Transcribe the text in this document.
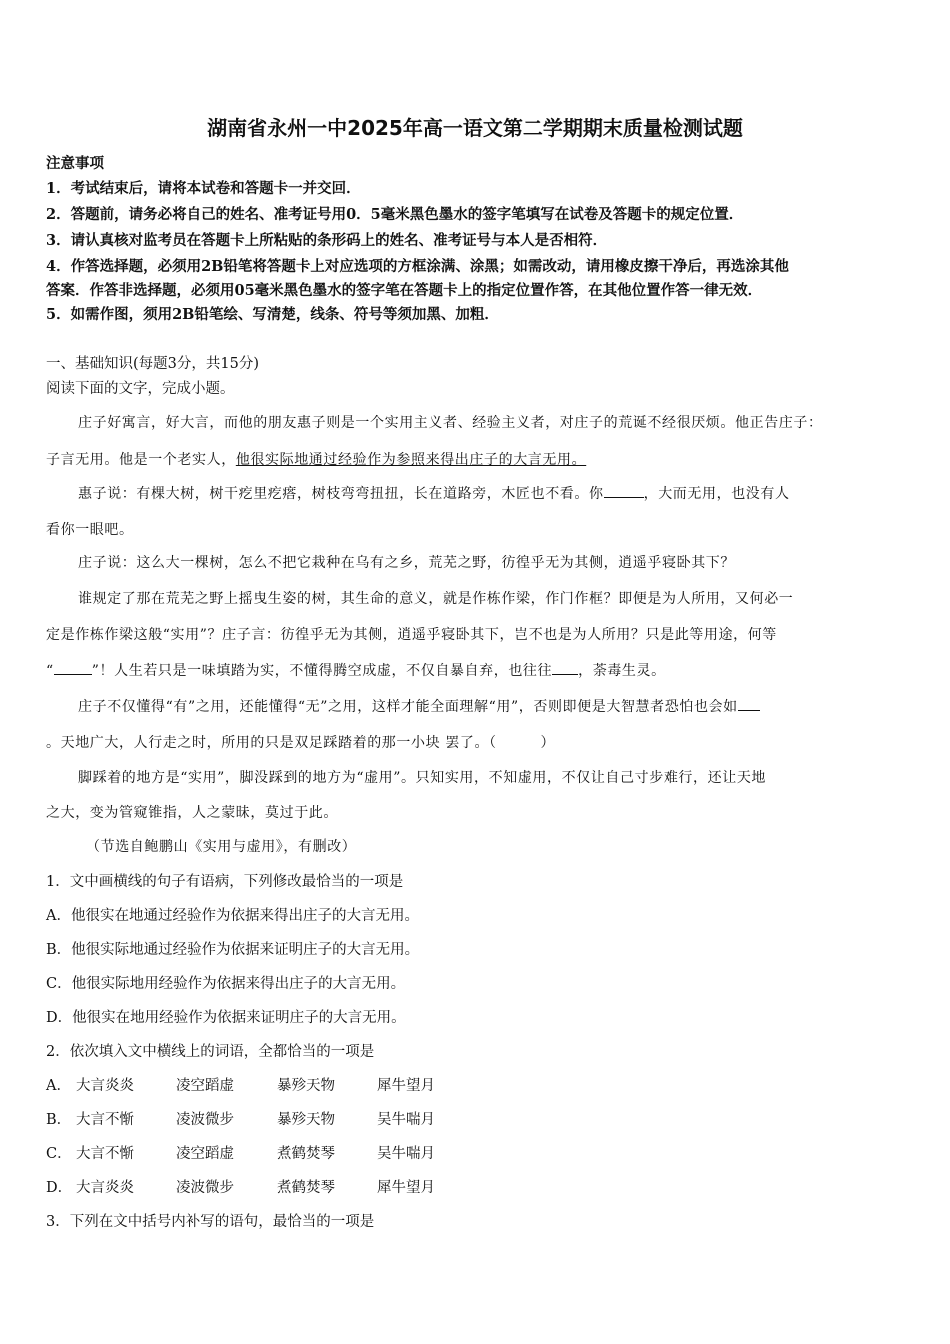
湖南省永州一中2025年高一语文第二学期期末质量检测试题
注意事项
1．考试结束后，请将本试卷和答题卡一并交回．
2．答题前，请务必将自己的姓名、准考证号用0．5毫米黑色墨水的签字笔填写在试卷及答题卡的规定位置．
3．请认真核对监考员在答题卡上所粘贴的条形码上的姓名、准考证号与本人是否相符．
4．作答选择题，必须用2B铅笔将答题卡上对应选项的方框涂满、涂黑；如需改动，请用橡皮擦干净后，再选涂其他
答案．作答非选择题，必须用05毫米黑色墨水的签字笔在答题卡上的指定位置作答，在其他位置作答一律无效．
5．如需作图，须用2B铅笔绘、写清楚，线条、符号等须加黑、加粗．
一、基础知识(每题3分，共15分)
阅读下面的文字，完成小题。
庄子好寓言，好大言，而他的朋友惠子则是一个实用主义者、经验主义者，对庄子的荒诞不经很厌烦。他正告庄子：
子言无用。他是一个老实人，他很实际地通过经验作为参照来得出庄子的大言无用。
惠子说：有棵大树，树干疙里疙瘩，树枝弯弯扭扭，长在道路旁，木匠也不看。你	，大而无用，也没有人
看你一眼吧。
庄子说：这么大一棵树，怎么不把它栽种在乌有之乡，荒芜之野，彷徨乎无为其侧，逍遥乎寝卧其下？
谁规定了那在荒芜之野上摇曳生姿的树，其生命的意义，就是作栋作梁，作门作框？即便是为人所用，又何必一
定是作栋作梁这般“实用”？庄子言：彷徨乎无为其侧，逍遥乎寝卧其下，岂不也是为人所用？只是此等用途，何等
“	”！人生若只是一味填踏为实，不懂得腾空成虚，不仅自暴自弃，也往往 ，荼毒生灵。
庄子不仅懂得“有”之用，还能懂得“无”之用，这样才能全面理解“用”，否则即便是大智慧者恐怕也会如
。天地广大，人行走之时，所用的只是双足踩踏着的那一小块 罢了。（　　　）
脚踩着的地方是“实用”，脚没踩到的地方为“虚用”。只知实用，不知虚用，不仅让自己寸步难行，还让天地
之大，变为管窥锥指，人之蒙昧，莫过于此。
（节选自鲍鹏山《实用与虚用》，有删改）
1．文中画横线的句子有语病，下列修改最恰当的一项是
A．他很实在地通过经验作为依据来得出庄子的大言无用。
B．他很实际地通过经验作为依据来证明庄子的大言无用。
C．他很实际地用经验作为依据来得出庄子的大言无用。
D．他很实在地用经验作为依据来证明庄子的大言无用。
2．依次填入文中横线上的词语，全都恰当的一项是
A． 大言炎炎	凌空蹈虚	暴殄天物	犀牛望月
B． 大言不惭	凌波微步	暴殄天物	吴牛喘月
C． 大言不惭	凌空蹈虚	煮鹤焚琴	吴牛喘月
D． 大言炎炎	凌波微步	煮鹤焚琴	犀牛望月
3．下列在文中括号内补写的语句，最恰当的一项是
